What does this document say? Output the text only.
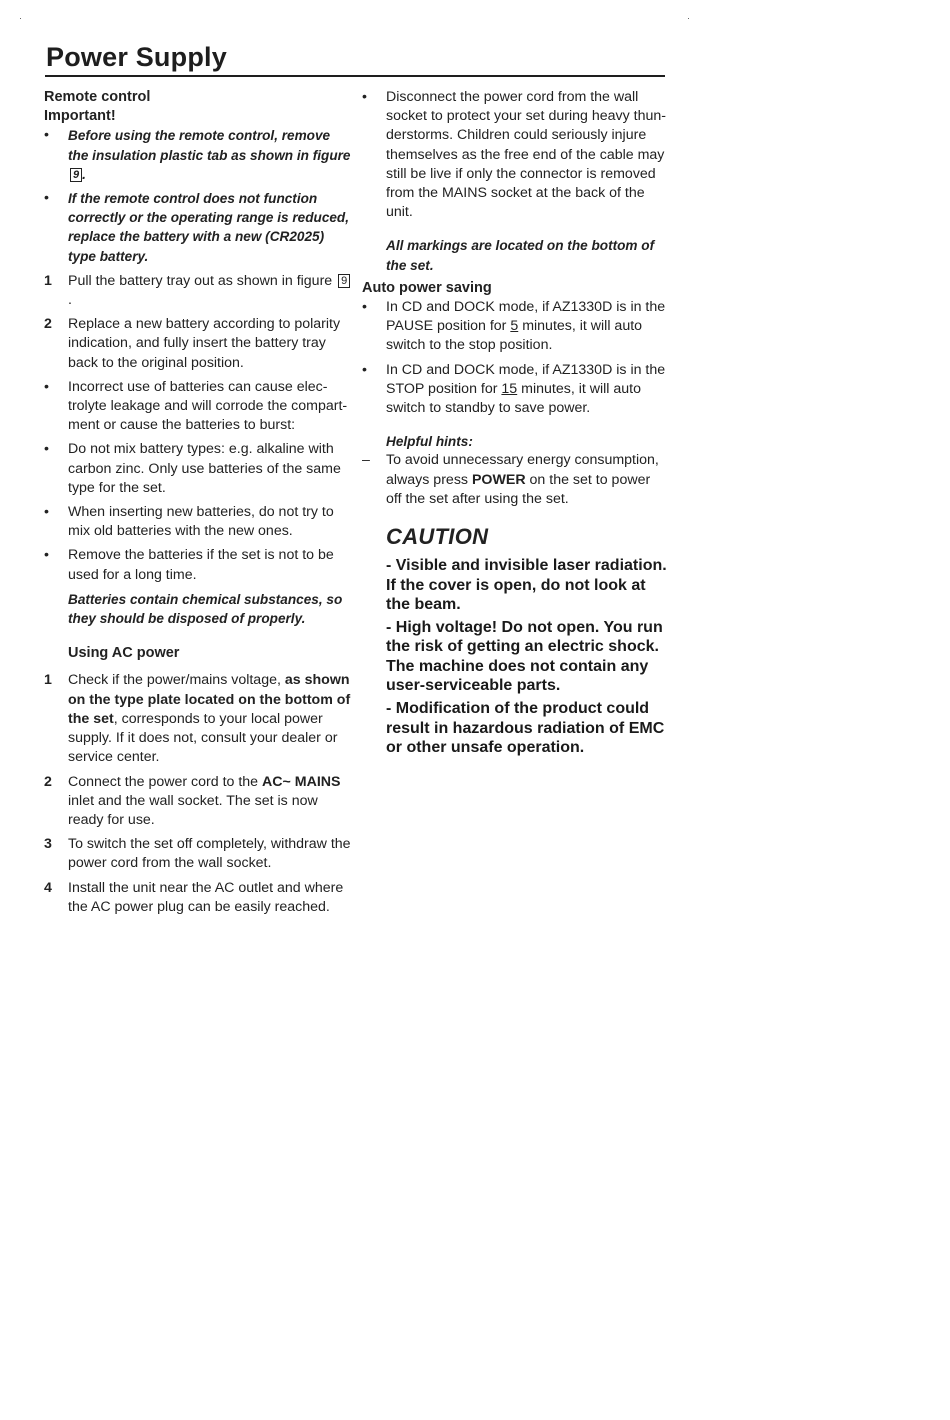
Power Supply

Remote control

Important!

•	Before using the remote control, remove the insulation plastic tab as shown in figure 9 .
•	If the remote control does not function correctly or the operating range is reduced, replace the battery with a new (CR2025) type battery.
1	Pull the battery tray out as shown in figure 9.
2	Replace a new battery according to polarity indication, and fully insert the battery tray back to the original position.
•	Incorrect use of batteries can cause elec- trolyte leakage and will corrode the compart- ment or cause the batteries to burst:
•	Do not mix battery types: e.g. alkaline with carbon zinc. Only use batteries of the same type for the set.
•	When inserting new batteries, do not try to mix old batteries with the new ones.
•	Remove the batteries if the set is not to be used for a long time.

Batteries contain chemical substances, so they should be disposed of properly.

Using AC power

1	Check if the power/mains voltage, as shown on the type plate located on the bottom of the set, corresponds to your local power supply. If it does not, consult your dealer or service center.
2	Connect the power cord to the AC~ MAINS inlet and the wall socket. The set is now ready for use.
3	To switch the set off completely, withdraw the power cord from the wall socket.
4	Install the unit near the AC outlet and where the AC power plug can be easily reached.
•	Disconnect the power cord from the wall socket to protect your set during heavy thun- derstorms. Children could seriously injure themselves as the free end of the cable may still be live if only the connector is removed from the MAINS socket at the back of the unit.

All markings are located on the bottom of the set.

Auto power saving

•	In CD and DOCK mode, if AZ1330D is in the PAUSE position for 5 minutes, it will auto switch to the stop position.
•	In CD and DOCK mode, if AZ1330D is in the STOP position for 15 minutes, it will auto switch to standby to save power.

Helpful hints:

–	To avoid unnecessary energy consumption, always press POWER on the set to power off the set after using the set.
CAUTION

- Visible and invisible laser radiation. If the cover is open, do not look at the beam.

- High voltage! Do not open. You run the risk of getting an electric shock. The machine does not contain any user-serviceable parts.

- Modification of the product could result in hazardous radiation of EMC or other unsafe operation.
